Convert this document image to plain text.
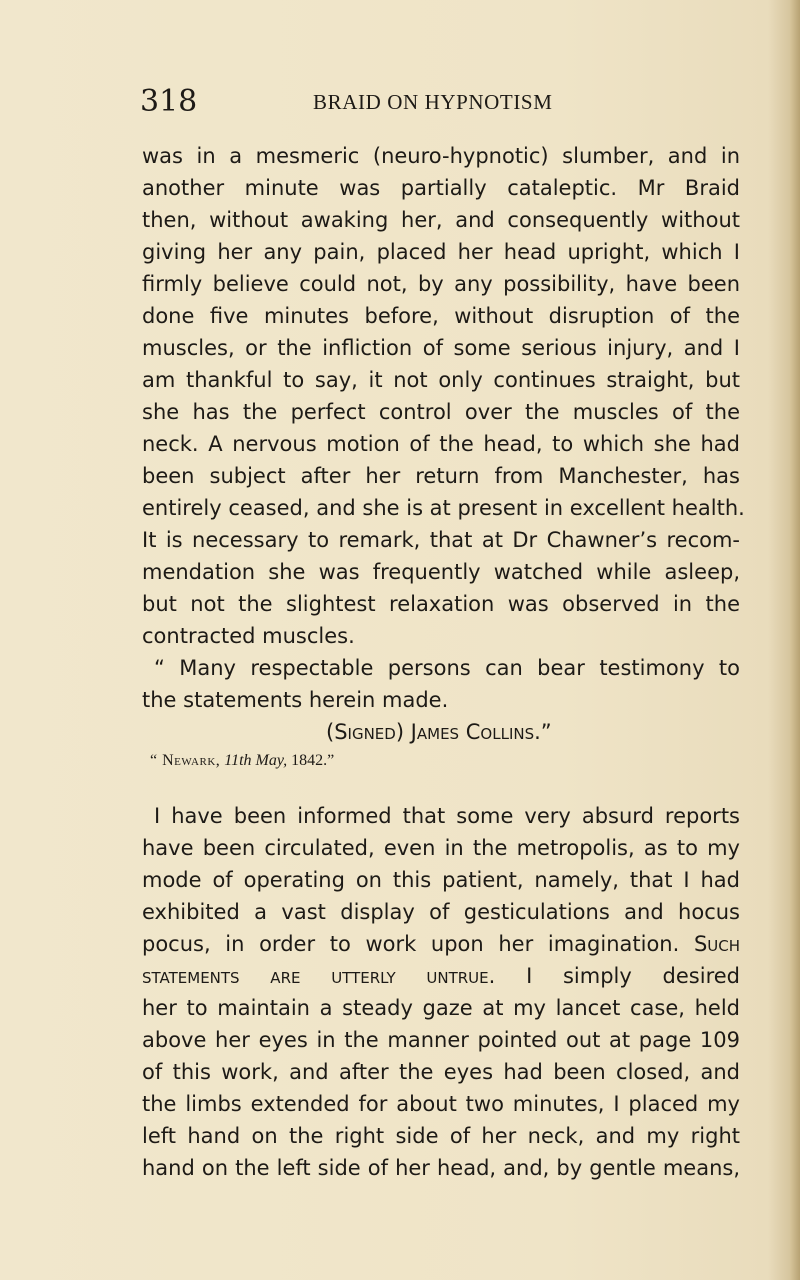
318	BRAID ON HYPNOTISM
was in a mesmeric (neuro-hypnotic) slumber, and in
another minute was partially cataleptic. Mr Braid
then, without awaking her, and consequently without
giving her any pain, placed her head upright, which I
firmly believe could not, by any possibility, have been
done five minutes before, without disruption of the
muscles, or the infliction of some serious injury, and I
am thankful to say, it not only continues straight, but
she has the perfect control over the muscles of the
neck. A nervous motion of the head, to which she had
been subject after her return from Manchester, has
entirely ceased, and she is at present in excellent health.
It is necessary to remark, that at Dr Chawner’s recom-
mendation she was frequently watched while asleep,
but not the slightest relaxation was observed in the
contracted muscles.
“ Many respectable persons can bear testimony to
the statements herein made.
(Signed) James Collins.”
“ Newark, 11th May, 1842.”
I have been informed that some very absurd reports
have been circulated, even in the metropolis, as to my
mode of operating on this patient, namely, that I had
exhibited a vast display of gesticulations and hocus
pocus, in order to work upon her imagination. Such
statements are utterly untrue. I simply desired
her to maintain a steady gaze at my lancet case, held
above her eyes in the manner pointed out at page 109
of this work, and after the eyes had been closed, and
the limbs extended for about two minutes, I placed my
left hand on the right side of her neck, and my right
hand on the left side of her head, and, by gentle means,
